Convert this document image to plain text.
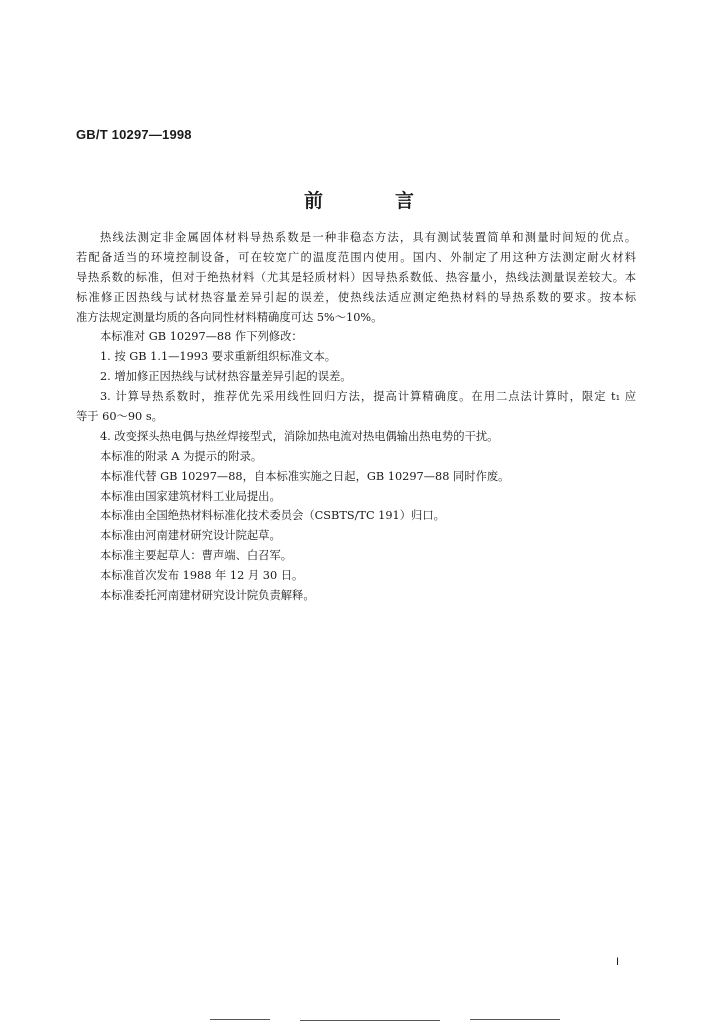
GB/T 10297—1998
前	言
热线法测定非金属固体材料导热系数是一种非稳态方法，具有测试装置简单和测量时间短的优点。
若配备适当的环境控制设备，可在较宽广的温度范围内使用。国内、外制定了用这种方法测定耐火材料
导热系数的标准，但对于绝热材料（尤其是轻质材料）因导热系数低、热容量小，热线法测量误差较大。本
标准修正因热线与试材热容量差异引起的误差，使热线法适应测定绝热材料的导热系数的要求。按本标
准方法规定测量均质的各向同性材料精确度可达 5%～10%。
本标准对 GB 10297—88 作下列修改：
1. 按 GB 1.1—1993 要求重新组织标准文本。
2. 增加修正因热线与试材热容量差异引起的误差。
3. 计算导热系数时，推荐优先采用线性回归方法，提高计算精确度。在用二点法计算时，限定 t₁ 应
等于 60～90 s。
4. 改变探头热电偶与热丝焊接型式，消除加热电流对热电偶输出热电势的干扰。
本标准的附录 A 为提示的附录。
本标准代替 GB 10297—88，自本标准实施之日起，GB 10297—88 同时作废。
本标准由国家建筑材料工业局提出。
本标准由全国绝热材料标准化技术委员会（CSBTS/TC 191）归口。
本标准由河南建材研究设计院起草。
本标准主要起草人：曹声端、白召军。
本标准首次发布 1988 年 12 月 30 日。
本标准委托河南建材研究设计院负责解释。
I
